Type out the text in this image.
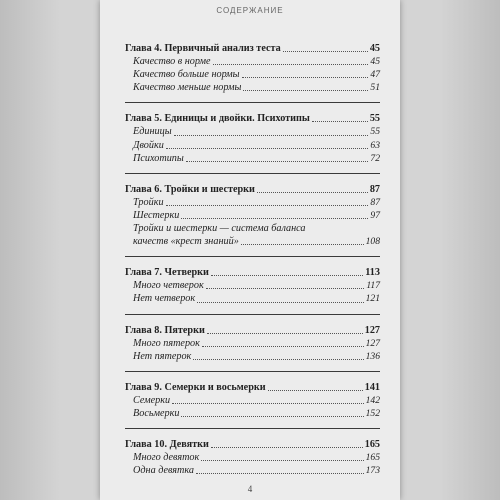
СОДЕРЖАНИЕ
Глава 4. Первичный анализ теста	45
Качество в норме	45
Качество больше нормы	47
Качество меньше нормы	51
Глава 5. Единицы и двойки. Психотипы	55
Единицы	55
Двойки	63
Психотипы	72
Глава 6. Тройки и шестерки	87
Тройки	87
Шестерки	97
Тройки и шестерки — система баланса
качеств «крест знаний»	108
Глава 7. Четверки	113
Много четверок	117
Нет четверок	121
Глава 8. Пятерки	127
Много пятерок	127
Нет пятерок	136
Глава 9. Семерки и восьмерки	141
Семерки	142
Восьмерки	152
Глава 10. Девятки	165
Много девяток	165
Одна девятка	173
4
